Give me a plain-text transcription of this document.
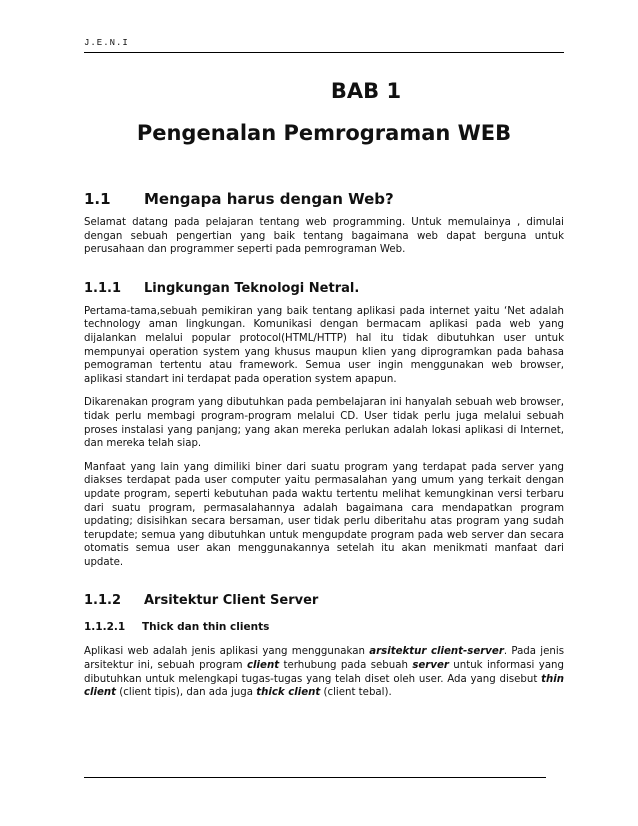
J.E.N.I
BAB 1
Pengenalan Pemrograman WEB
1.1 Mengapa harus dengan Web?

Selamat datang pada pelajaran tentang web programming. Untuk memulainya , dimulai dengan sebuah pengertian yang baik tentang bagaimana web dapat berguna untuk perusahaan dan programmer seperti pada pemrograman Web.

1.1.1 Lingkungan Teknologi Netral.

Pertama-tama,sebuah pemikiran yang baik tentang aplikasi pada internet yaitu ‘Net adalah technology aman lingkungan. Komunikasi dengan bermacam aplikasi pada web yang dijalankan melalui popular protocol(HTML/HTTP) hal itu tidak dibutuhkan user untuk mempunyai operation system yang khusus maupun klien yang diprogramkan pada bahasa pemograman tertentu atau framework. Semua user ingin menggunakan web browser, aplikasi standart ini terdapat pada operation system apapun.

Dikarenakan program yang dibutuhkan pada pembelajaran ini hanyalah sebuah web browser, tidak perlu membagi program-program melalui CD. User tidak perlu juga melalui sebuah proses instalasi yang panjang; yang akan mereka perlukan adalah lokasi aplikasi di Internet, dan mereka telah siap.

Manfaat yang lain yang dimiliki biner dari suatu program yang terdapat pada server yang diakses terdapat pada user computer yaitu permasalahan yang umum yang terkait dengan update program, seperti kebutuhan pada waktu tertentu melihat kemungkinan versi terbaru dari suatu program, permasalahannya adalah bagaimana cara mendapatkan program updating; disisihkan secara bersaman, user tidak perlu diberitahu atas program yang sudah terupdate; semua yang dibutuhkan untuk mengupdate program pada web server dan secara otomatis semua user akan menggunakannya setelah itu akan menikmati manfaat dari update.

1.1.2 Arsitektur Client Server
1.1.2.1 Thick dan thin clients

Aplikasi web adalah jenis aplikasi yang menggunakan arsitektur client-server. Pada jenis arsitektur ini, sebuah program client terhubung pada sebuah server untuk informasi yang dibutuhkan untuk melengkapi tugas-tugas yang telah diset oleh user. Ada yang disebut thin client (client tipis), dan ada juga thick client (client tebal).
